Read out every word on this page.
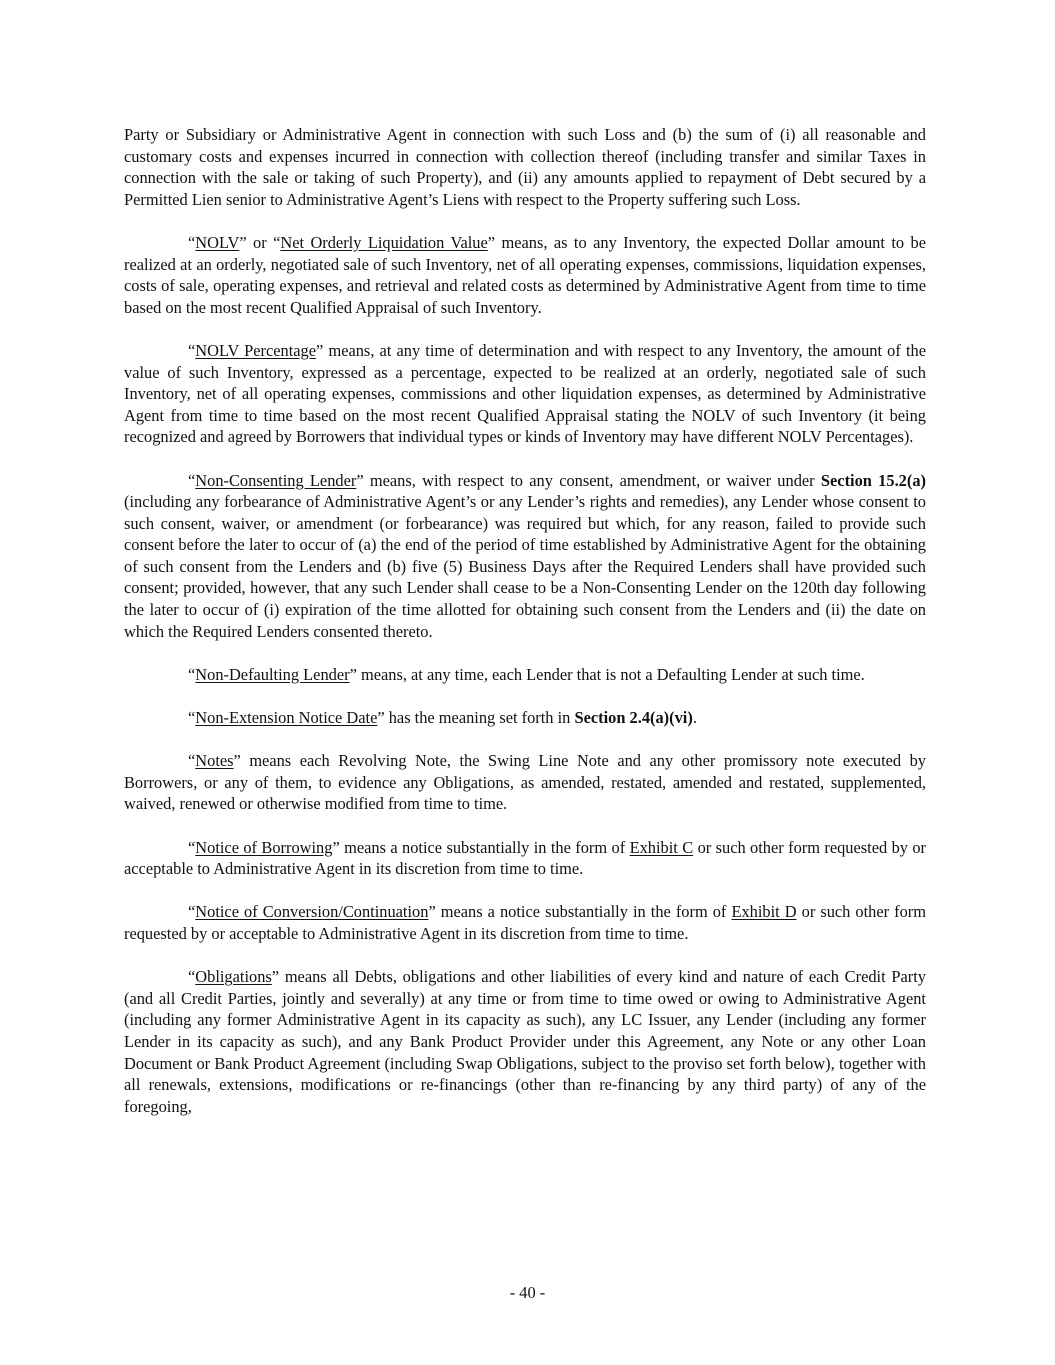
Party or Subsidiary or Administrative Agent in connection with such Loss and (b) the sum of (i) all reasonable and customary costs and expenses incurred in connection with collection thereof (including transfer and similar Taxes in connection with the sale or taking of such Property), and (ii) any amounts applied to repayment of Debt secured by a Permitted Lien senior to Administrative Agent’s Liens with respect to the Property suffering such Loss.

“NOLV” or “Net Orderly Liquidation Value” means, as to any Inventory, the expected Dollar amount to be realized at an orderly, negotiated sale of such Inventory, net of all operating expenses, commissions, liquidation expenses, costs of sale, operating expenses, and retrieval and related costs as determined by Administrative Agent from time to time based on the most recent Qualified Appraisal of such Inventory.

“NOLV Percentage” means, at any time of determination and with respect to any Inventory, the amount of the value of such Inventory, expressed as a percentage, expected to be realized at an orderly, negotiated sale of such Inventory, net of all operating expenses, commissions and other liquidation expenses, as determined by Administrative Agent from time to time based on the most recent Qualified Appraisal stating the NOLV of such Inventory (it being recognized and agreed by Borrowers that individual types or kinds of Inventory may have different NOLV Percentages).

“Non-Consenting Lender” means, with respect to any consent, amendment, or waiver under Section 15.2(a) (including any forbearance of Administrative Agent’s or any Lender’s rights and remedies), any Lender whose consent to such consent, waiver, or amendment (or forbearance) was required but which, for any reason, failed to provide such consent before the later to occur of (a) the end of the period of time established by Administrative Agent for the obtaining of such consent from the Lenders and (b) five (5) Business Days after the Required Lenders shall have provided such consent; provided, however, that any such Lender shall cease to be a Non-Consenting Lender on the 120th day following the later to occur of (i) expiration of the time allotted for obtaining such consent from the Lenders and (ii) the date on which the Required Lenders consented thereto.

“Non-Defaulting Lender” means, at any time, each Lender that is not a Defaulting Lender at such time.

“Non-Extension Notice Date” has the meaning set forth in Section 2.4(a)(vi).

“Notes” means each Revolving Note, the Swing Line Note and any other promissory note executed by Borrowers, or any of them, to evidence any Obligations, as amended, restated, amended and restated, supplemented, waived, renewed or otherwise modified from time to time.

“Notice of Borrowing” means a notice substantially in the form of Exhibit C or such other form requested by or acceptable to Administrative Agent in its discretion from time to time.

“Notice of Conversion/Continuation” means a notice substantially in the form of Exhibit D or such other form requested by or acceptable to Administrative Agent in its discretion from time to time.

“Obligations” means all Debts, obligations and other liabilities of every kind and nature of each Credit Party (and all Credit Parties, jointly and severally) at any time or from time to time owed or owing to Administrative Agent (including any former Administrative Agent in its capacity as such), any LC Issuer, any Lender (including any former Lender in its capacity as such), and any Bank Product Provider under this Agreement, any Note or any other Loan Document or Bank Product Agreement (including Swap Obligations, subject to the proviso set forth below), together with all renewals, extensions, modifications or re-financings (other than re-financing by any third party) of any of the foregoing,

- 40 -
